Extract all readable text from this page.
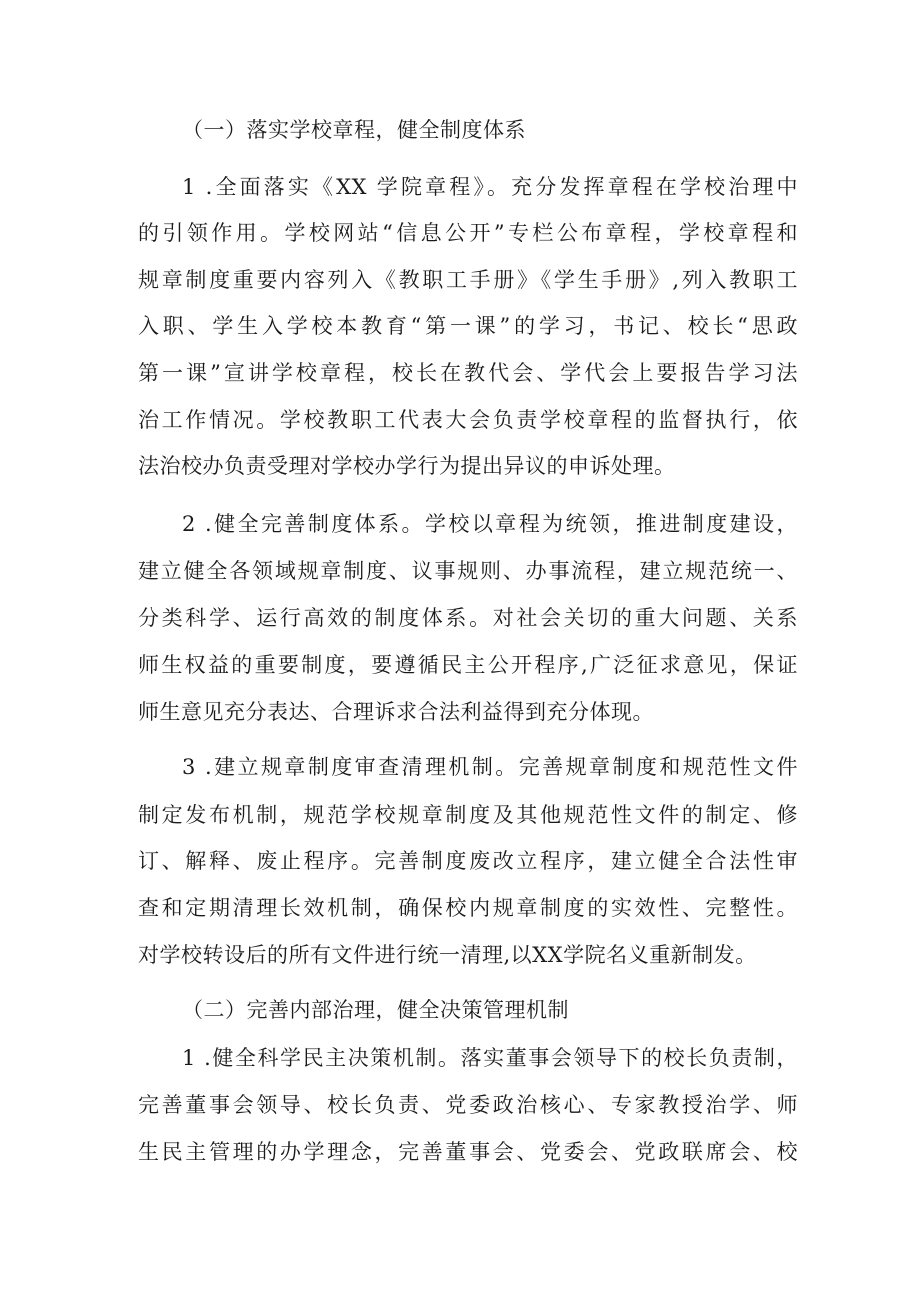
（一）落实学校章程，健全制度体系
1 .全面落实《XX 学院章程》。充分发挥章程在学校治理中
的引领作用。学校网站“信息公开”专栏公布章程，学校章程和
规章制度重要内容列入《教职工手册》《学生手册》,列入教职工
入职、学生入学校本教育“第一课”的学习，书记、校长“思政
第一课”宣讲学校章程，校长在教代会、学代会上要报告学习法
治工作情况。学校教职工代表大会负责学校章程的监督执行，依
法治校办负责受理对学校办学行为提出异议的申诉处理。
2 .健全完善制度体系。学校以章程为统领，推进制度建设，
建立健全各领域规章制度、议事规则、办事流程，建立规范统一、
分类科学、运行高效的制度体系。对社会关切的重大问题、关系
师生权益的重要制度，要遵循民主公开程序,广泛征求意见，保证
师生意见充分表达、合理诉求合法利益得到充分体现。
3 .建立规章制度审查清理机制。完善规章制度和规范性文件
制定发布机制，规范学校规章制度及其他规范性文件的制定、修
订、解释、废止程序。完善制度废改立程序，建立健全合法性审
查和定期清理长效机制，确保校内规章制度的实效性、完整性。
对学校转设后的所有文件进行统一清理,以XX学院名义重新制发。
（二）完善内部治理，健全决策管理机制
1 .健全科学民主决策机制。落实董事会领导下的校长负责制，
完善董事会领导、校长负责、党委政治核心、专家教授治学、师
生民主管理的办学理念，完善董事会、党委会、党政联席会、校
